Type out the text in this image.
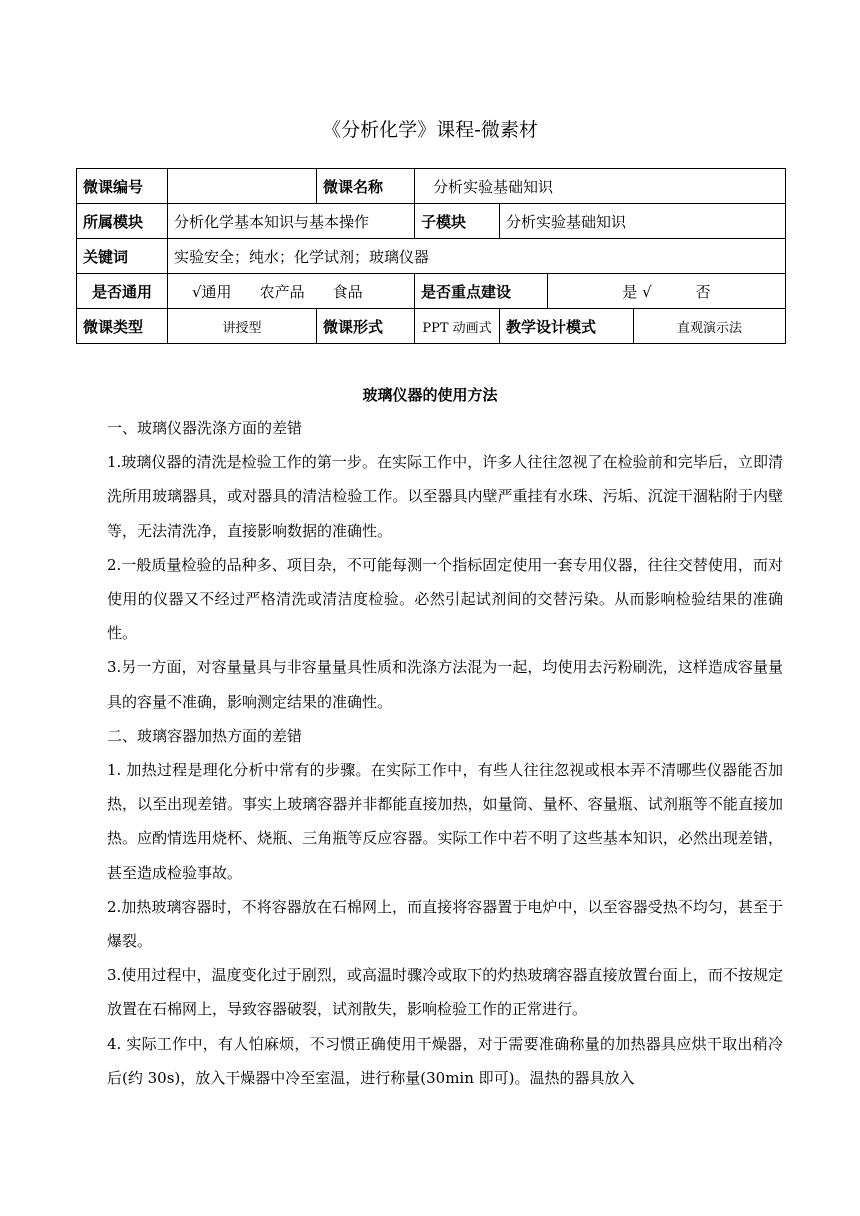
《分析化学》课程-微素材
微课编号		微课名称	分析实验基础知识			
所属模块	分析化学基本知识与基本操作		子模块	分析实验基础知识		
关键词	实验安全；纯水；化学试剂；玻璃仪器					
是否通用	√通用 农产品 食品		是否重点建设		是 √ 否	
微课类型	讲授型	微课形式	PPT 动画式	教学设计模式		直观演示法
玻璃仪器的使用方法

一、玻璃仪器洗涤方面的差错

1.玻璃仪器的清洗是检验工作的第一步。在实际工作中，许多人往往忽视了在检验前和完毕后，立即清洗所用玻璃器具，或对器具的清洁检验工作。以至器具内壁严重挂有水珠、污垢、沉淀干涸粘附于内壁等，无法清洗净，直接影响数据的准确性。

2.一般质量检验的品种多、项目杂，不可能每测一个指标固定使用一套专用仪器，往往交替使用，而对使用的仪器又不经过严格清洗或清洁度检验。必然引起试剂间的交替污染。从而影响检验结果的准确性。

3.另一方面，对容量量具与非容量量具性质和洗涤方法混为一起，均使用去污粉刷洗，这样造成容量量具的容量不准确，影响测定结果的准确性。

二、玻璃容器加热方面的差错

1. 加热过程是理化分析中常有的步骤。在实际工作中，有些人往往忽视或根本弄不清哪些仪器能否加热，以至出现差错。事实上玻璃容器并非都能直接加热，如量筒、量杯、容量瓶、试剂瓶等不能直接加热。应酌情选用烧杯、烧瓶、三角瓶等反应容器。实际工作中若不明了这些基本知识，必然出现差错，甚至造成检验事故。

2.加热玻璃容器时，不将容器放在石棉网上，而直接将容器置于电炉中，以至容器受热不均匀，甚至于爆裂。

3.使用过程中，温度变化过于剧烈，或高温时骤冷或取下的灼热玻璃容器直接放置台面上，而不按规定放置在石棉网上，导致容器破裂，试剂散失，影响检验工作的正常进行。

4. 实际工作中，有人怕麻烦，不习惯正确使用干燥器，对于需要准确称量的加热器具应烘干取出稍冷后(约 30s)，放入干燥器中冷至室温，进行称量(30min 即可)。温热的器具放入
